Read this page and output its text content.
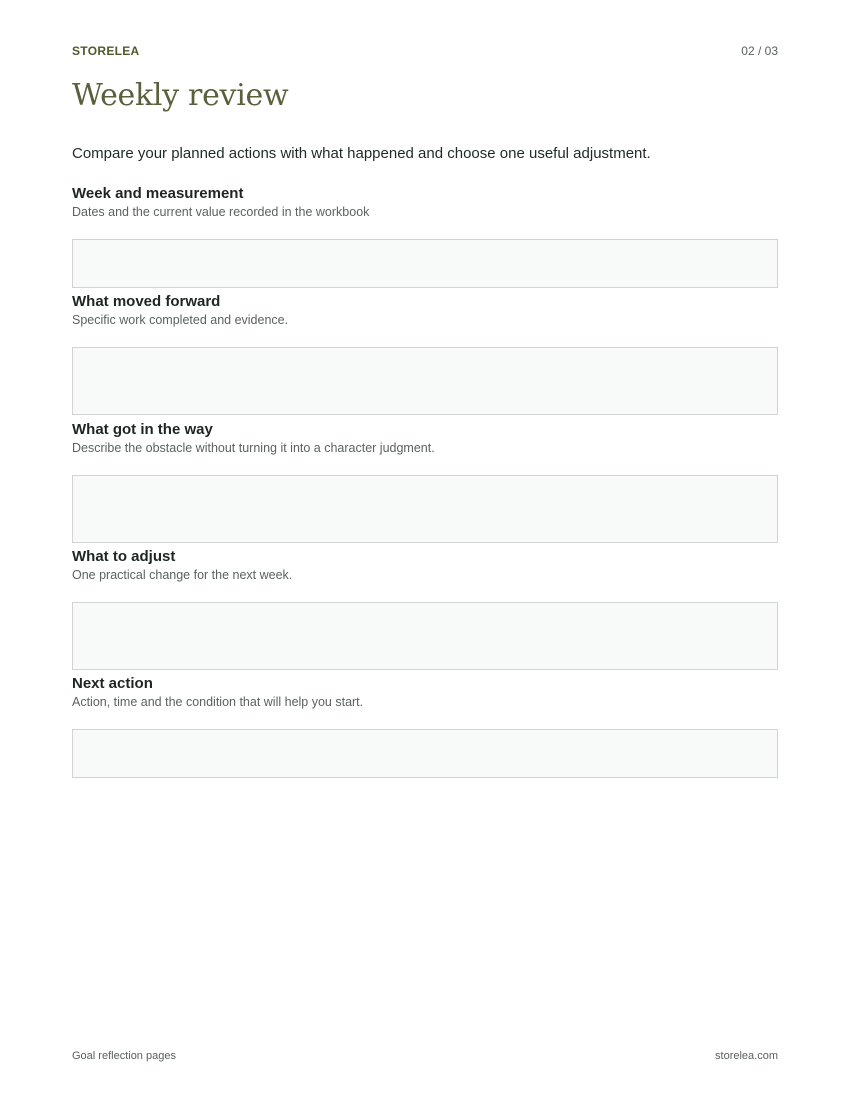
STORELEA	02 / 03
Weekly review

Compare your planned actions with what happened and choose one useful adjustment.

Week and measurement

Dates and the current value recorded in the workbook

What moved forward

Specific work completed and evidence.

What got in the way

Describe the obstacle without turning it into a character judgment.

What to adjust

One practical change for the next week.

Next action

Action, time and the condition that will help you start.

Goal reflection pages	storelea.com
